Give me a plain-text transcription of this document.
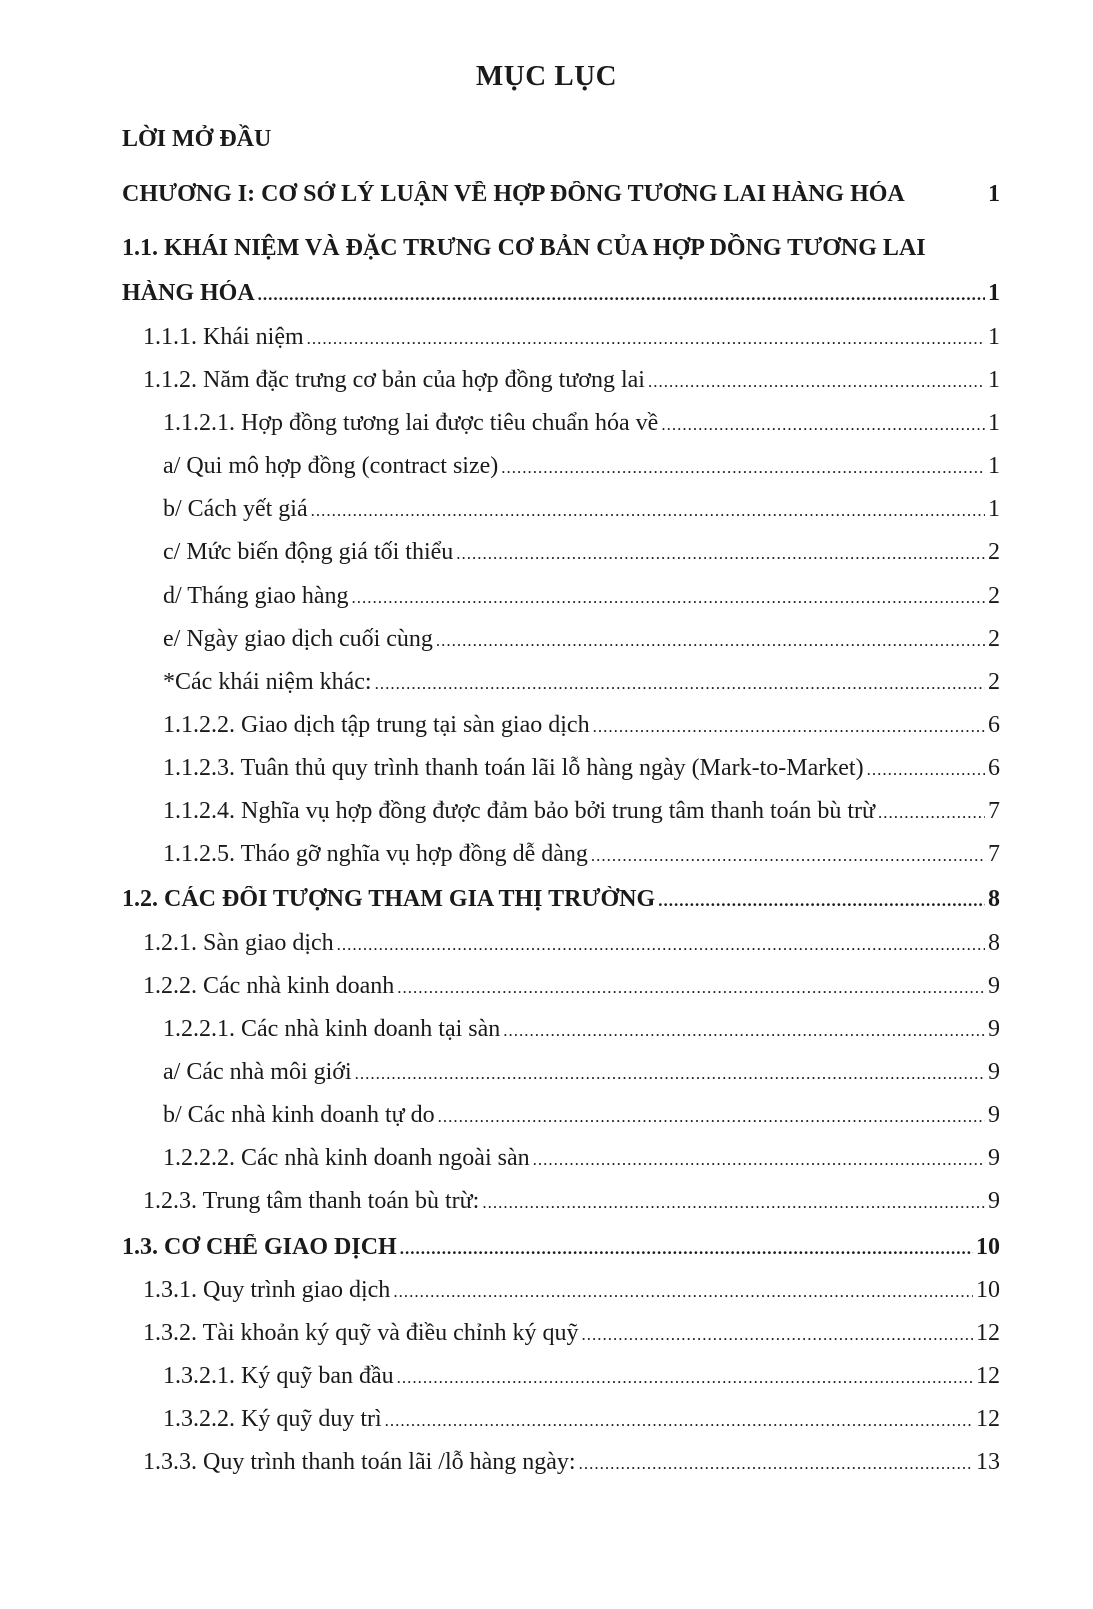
MỤC LỤC
LỜI MỞ ĐẦU
CHƯƠNG I: CƠ SỞ LÝ LUẬN VỀ HỢP ĐỒNG TƯƠNG LAI HÀNG HÓA	1
1.1. KHÁI NIỆM VÀ ĐẶC TRƯNG CƠ BẢN CỦA HỢP DỒNG TƯƠNG LAI
HÀNG HÓA .....	1
1.1.1. Khái niệm .....	1
1.1.2. Năm đặc trưng cơ bản của hợp đồng tương lai .....	1
1.1.2.1. Hợp đồng tương lai được tiêu chuẩn hóa về .....	1
a/ Qui mô hợp đồng (contract size) .....	1
b/ Cách yết giá .....	1
c/ Mức biến động giá tối thiểu .....	2
d/ Tháng giao hàng .....	2
e/ Ngày giao dịch cuối cùng .....	2
*Các khái niệm khác: .....	2
1.1.2.2. Giao dịch tập trung tại sàn giao dịch .....	6
1.1.2.3. Tuân thủ quy trình thanh toán lãi lỗ hàng ngày (Mark-to-Market) .....	6
1.1.2.4. Nghĩa vụ hợp đồng được đảm bảo bởi trung tâm thanh toán bù trừ .....	7
1.1.2.5. Tháo gỡ nghĩa vụ hợp đồng dễ dàng .....	7
1.2. CÁC ĐỐI TƯỢNG THAM GIA THỊ TRƯỜNG .....	8
1.2.1. Sàn giao dịch .....	8
1.2.2. Các nhà kinh doanh .....	9
1.2.2.1. Các nhà kinh doanh tại sàn .....	9
a/ Các nhà môi giới .....	9
b/ Các nhà kinh doanh tự do .....	9
1.2.2.2. Các nhà kinh doanh ngoài sàn .....	9
1.2.3. Trung tâm thanh toán bù trừ: .....	9
1.3. CƠ CHẾ GIAO DỊCH .....	10
1.3.1. Quy trình giao dịch .....	10
1.3.2. Tài khoản ký quỹ và điều chỉnh ký quỹ .....	12
1.3.2.1. Ký quỹ ban đầu .....	12
1.3.2.2. Ký quỹ duy trì .....	12
1.3.3. Quy trình thanh toán lãi /lỗ hàng ngày: .....	13
